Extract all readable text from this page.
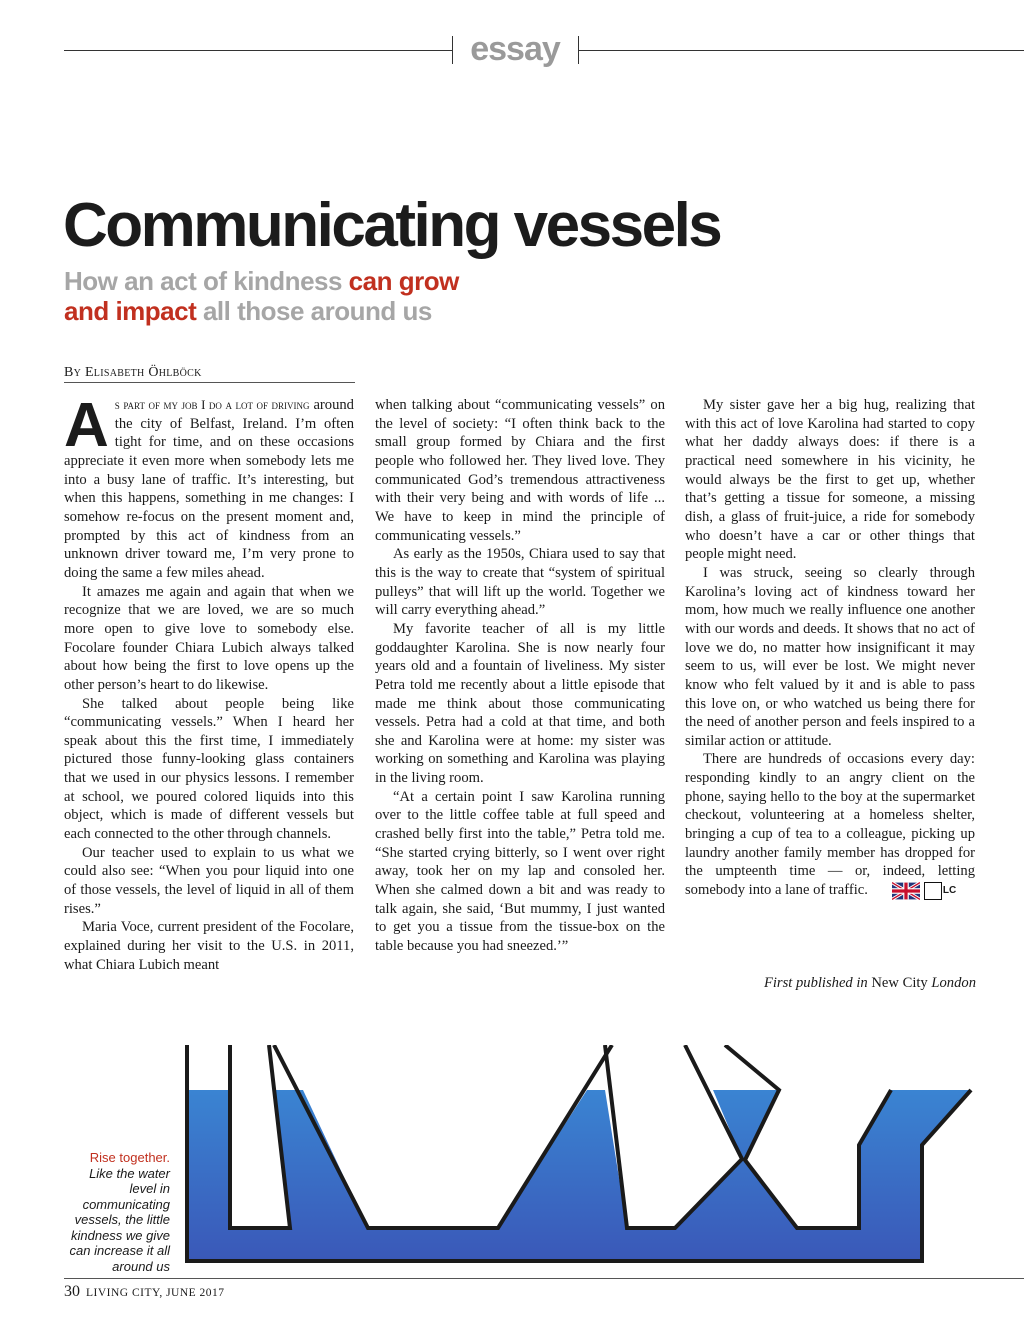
essay
Communicating vessels
How an act of kindness can grow
and impact all those around us
By Elisabeth Öhlböck

As part of my job I do a lot of driving around the city of Belfast, Ireland. I’m often tight for time, and on these occasions appreciate it even more when somebody lets me into a busy lane of traffic. It’s interesting, but when this happens, something in me changes: I somehow re-focus on the present moment and, prompted by this act of kindness from an unknown driver toward me, I’m very prone to doing the same a few miles ahead.

It amazes me again and again that when we recognize that we are loved, we are so much more open to give love to somebody else. Focolare founder Chiara Lubich always talked about how being the first to love opens up the other person’s heart to do likewise.

She talked about people being like “communicating vessels.” When I heard her speak about this the first time, I immediately pictured those funny-looking glass containers that we used in our physics lessons. I remember at school, we poured colored liquids into this object, which is made of different vessels but each connected to the other through channels.

Our teacher used to explain to us what we could also see: “When you pour liquid into one of those vessels, the level of liquid in all of them rises.”

Maria Voce, current president of the Focolare, explained during her visit to the U.S. in 2011, what Chiara Lubich meant

when talking about “communicating vessels” on the level of society: “I often think back to the small group formed by Chiara and the first people who followed her. They lived love. They communicated God’s tremendous attractiveness with their very being and with words of life ... We have to keep in mind the principle of communicating vessels.”

As early as the 1950s, Chiara used to say that this is the way to create that “system of spiritual pulleys” that will lift up the world. Together we will carry everything ahead.”

My favorite teacher of all is my little goddaughter Karolina. She is now nearly four years old and a fountain of liveliness. My sister Petra told me recently about a little episode that made me think about those communicating vessels. Petra had a cold at that time, and both she and Karolina were at home: my sister was working on something and Karolina was playing in the living room.

“At a certain point I saw Karolina running over to the little coffee table at full speed and crashed belly first into the table,” Petra told me. “She started crying bitterly, so I went over right away, took her on my lap and consoled her. When she calmed down a bit and was ready to talk again, she said, ‘But mummy, I just wanted to get you a tissue from the tissue-box on the table because you had sneezed.’”

My sister gave her a big hug, realizing that with this act of love Karolina had started to copy what her daddy always does: if there is a practical need somewhere in his vicinity, he would always be the first to get up, whether that’s getting a tissue for someone, a missing dish, a glass of fruit-juice, a ride for somebody who doesn’t have a car or other things that people might need.

I was struck, seeing so clearly through Karolina’s loving act of kindness toward her mom, how much we really influence one another with our words and deeds. It shows that no act of love we do, no matter how insignificant it may seem to us, will ever be lost. We might never know who felt valued by it and is able to pass this love on, or who watched us being there for the need of another person and feels inspired to a similar action or attitude.

There are hundreds of occasions every day: responding kindly to an angry client on the phone, saying hello to the boy at the supermarket checkout, volunteering at a homeless shelter, bringing a cup of tea to a colleague, picking up laundry another family member has dropped for the umpteenth time — or, indeed, letting somebody into a lane of traffic.	LC

First published in New City London
Rise together.
Like the water level in communicating vessels, the little kindness we give can increase it all around us
30 LIVING CITY, JUNE 2017
